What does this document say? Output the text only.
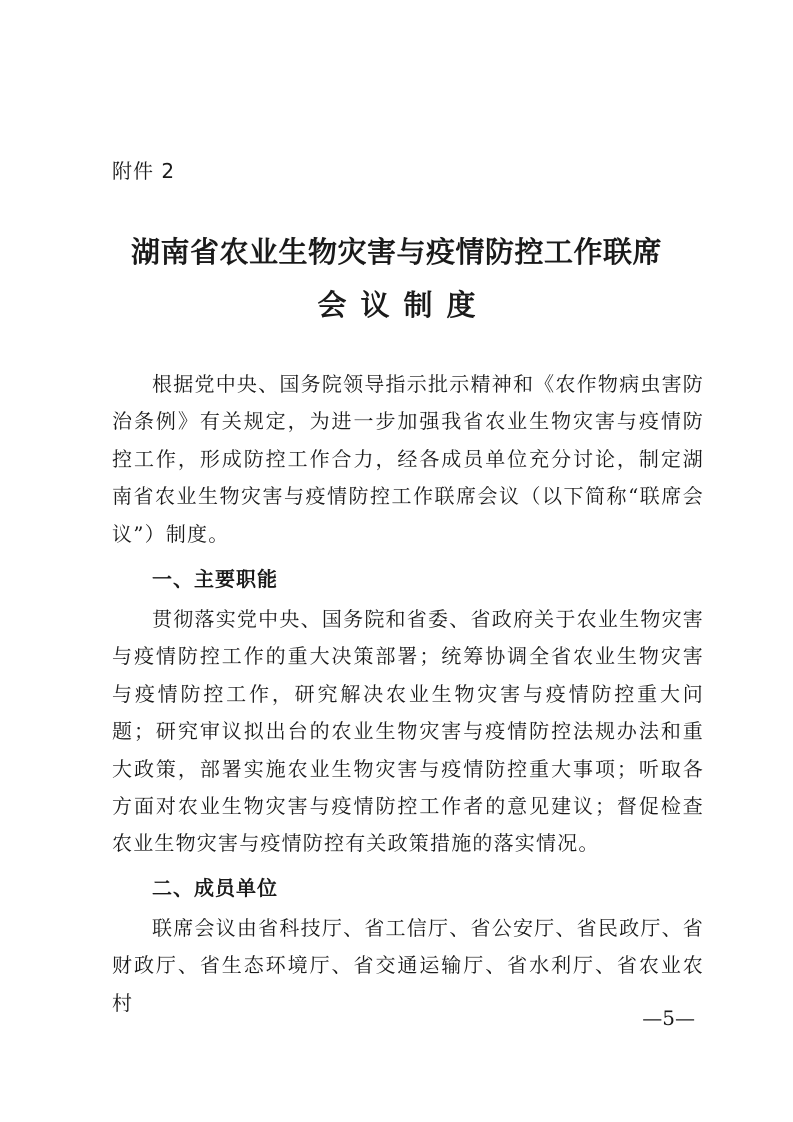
附件 2
湖南省农业生物灾害与疫情防控工作联席
会议制度

根据党中央、国务院领导指示批示精神和《农作物病虫害防治条例》有关规定，为进一步加强我省农业生物灾害与疫情防控工作，形成防控工作合力，经各成员单位充分讨论，制定湖南省农业生物灾害与疫情防控工作联席会议（以下简称“联席会议”）制度。

一、主要职能

贯彻落实党中央、国务院和省委、省政府关于农业生物灾害与疫情防控工作的重大决策部署；统筹协调全省农业生物灾害与疫情防控工作，研究解决农业生物灾害与疫情防控重大问题；研究审议拟出台的农业生物灾害与疫情防控法规办法和重大政策，部署实施农业生物灾害与疫情防控重大事项；听取各方面对农业生物灾害与疫情防控工作者的意见建议；督促检查农业生物灾害与疫情防控有关政策措施的落实情况。

二、成员单位

联席会议由省科技厅、省工信厅、省公安厅、省民政厅、省财政厅、省生态环境厅、省交通运输厅、省水利厅、省农业农村

—5—
